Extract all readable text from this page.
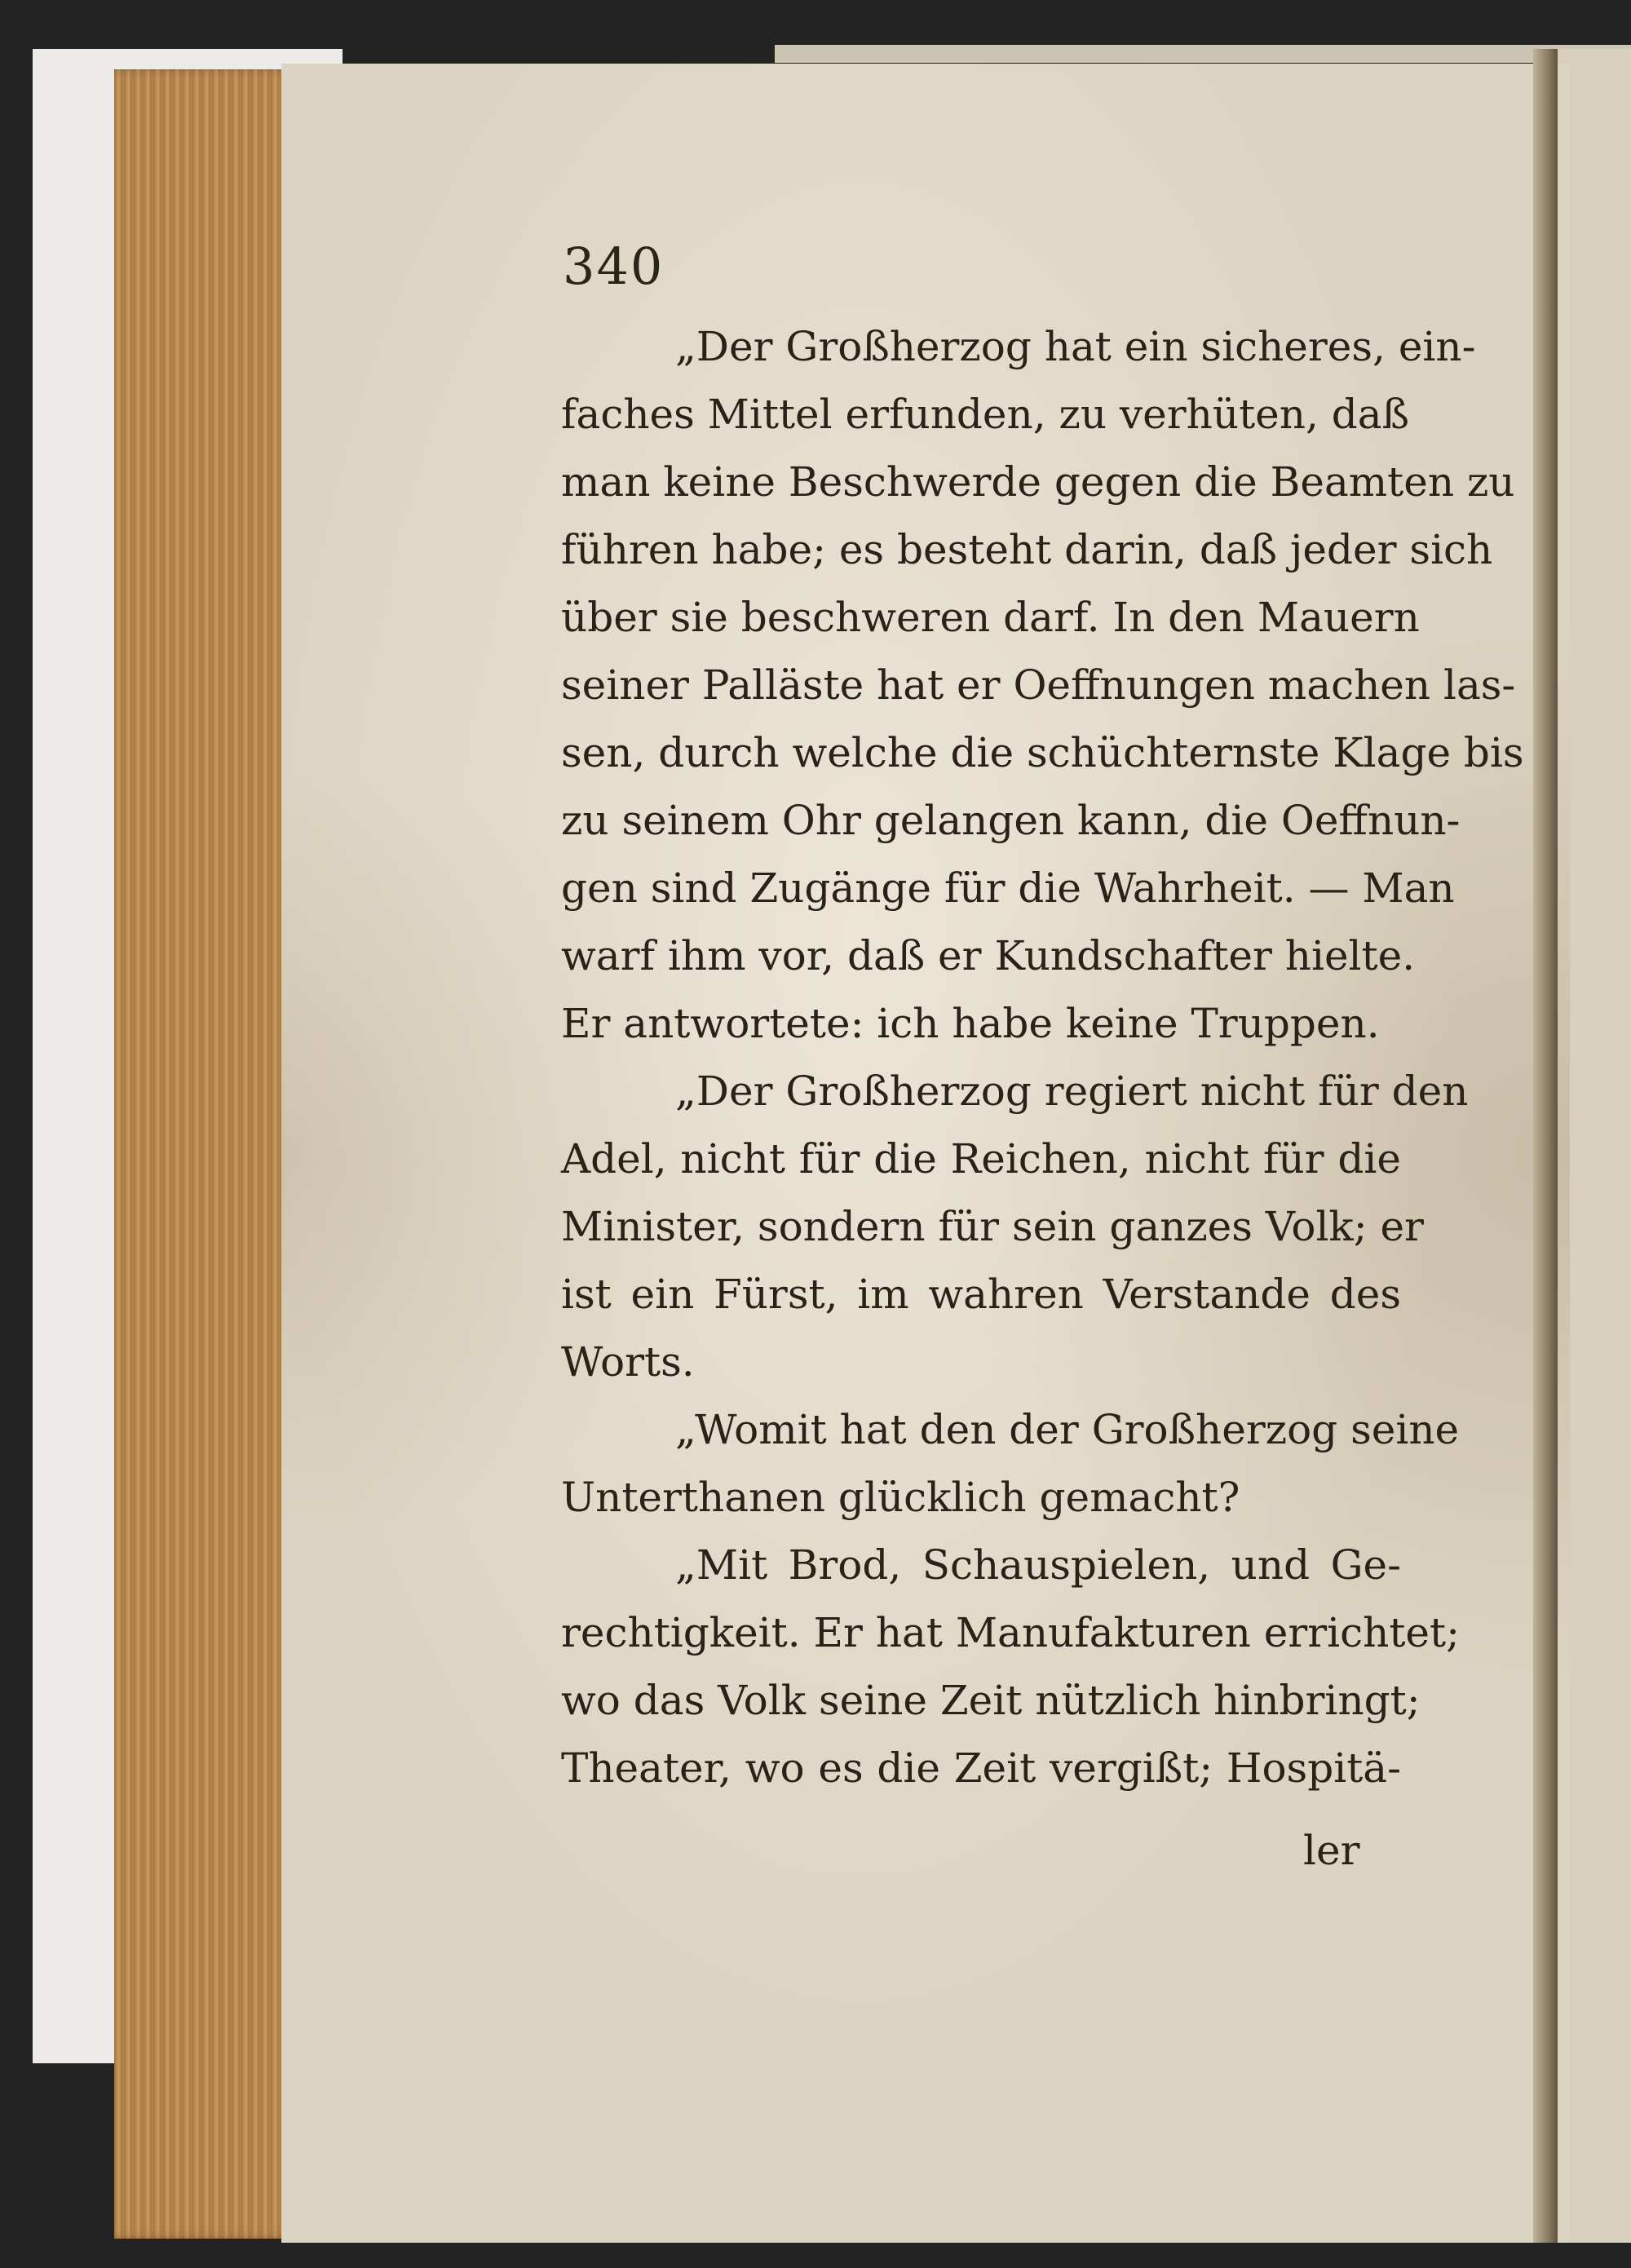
340
„Der Großherzog hat ein sicheres, ein-
faches Mittel erfunden, zu verhüten, daß
man keine Beschwerde gegen die Beamten zu
führen habe; es besteht darin, daß jeder sich
über sie beschweren darf. In den Mauern
seiner Palläste hat er Oeffnungen machen las-
sen, durch welche die schüchternste Klage bis
zu seinem Ohr gelangen kann, die Oeffnun-
gen sind Zugänge für die Wahrheit. — Man
warf ihm vor, daß er Kundschafter hielte.
Er antwortete: ich habe keine Truppen.
„Der Großherzog regiert nicht für den
Adel, nicht für die Reichen, nicht für die
Minister, sondern für sein ganzes Volk; er
ist ein Fürst, im wahren Verstande des
Worts.
„Womit hat den der Großherzog seine
Unterthanen glücklich gemacht?
„Mit Brod, Schauspielen, und Ge-
rechtigkeit. Er hat Manufakturen errichtet;
wo das Volk seine Zeit nützlich hinbringt;
Theater, wo es die Zeit vergißt; Hospitä-
ler
